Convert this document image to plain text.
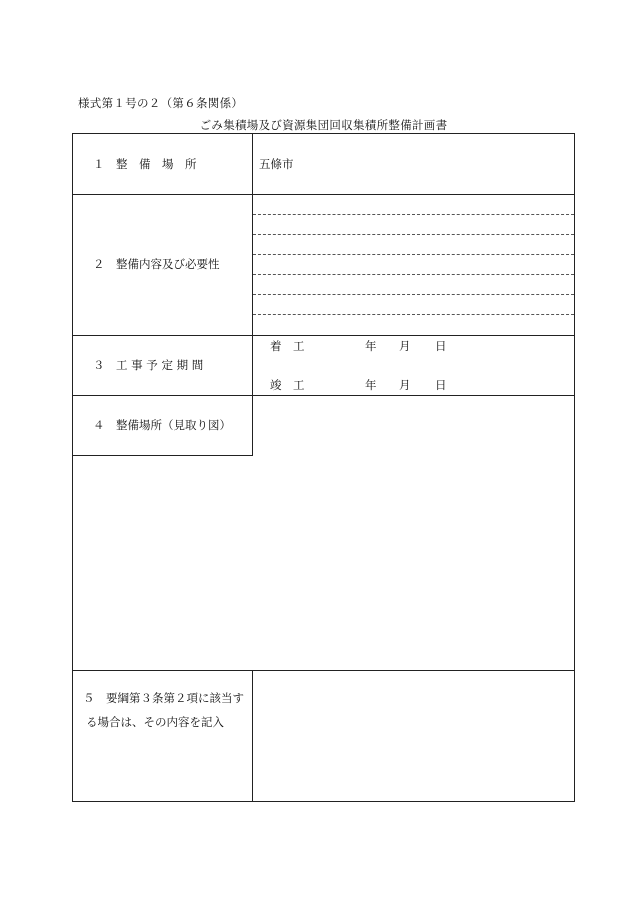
様式第１号の２（第６条関係）
ごみ集積場及び資源集団回収集積所整備計画書
１　整　備　場　所	五條市
２　整備内容及び必要性
３　工 事 予 定 期 間
着　工	年 月 日
竣　工	年 月 日
４　整備場所（見取り図）
５　要綱第３条第２項に該当す
る場合は、その内容を記入
